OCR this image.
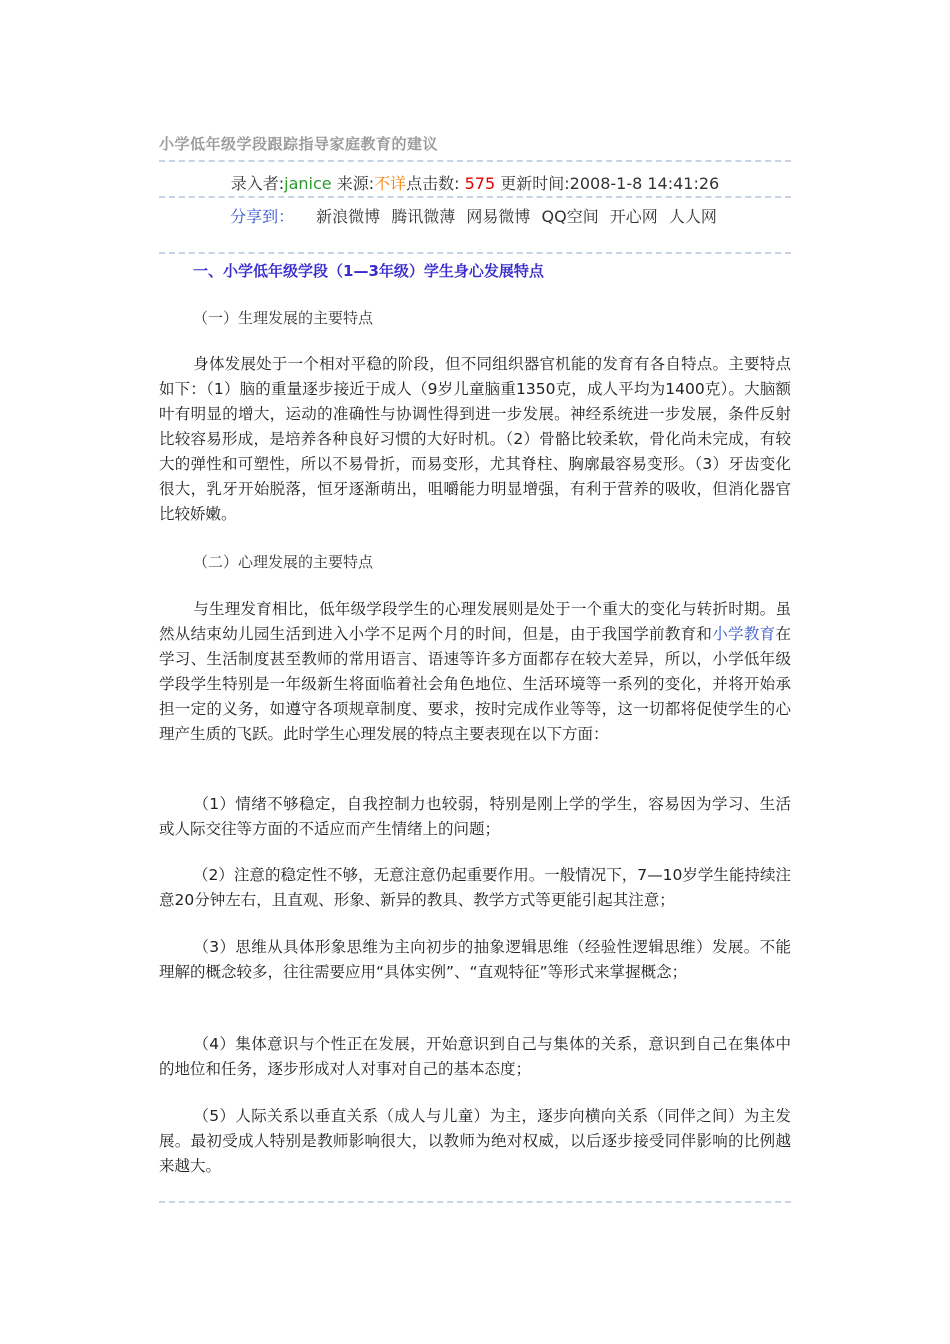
小学低年级学段跟踪指导家庭教育的建议
录入者:janice 来源:不详点击数: 575 更新时间:2008-1-8 14:41:26
分享到： 新浪微博 腾讯微薄 网易微博 QQ空间 开心网 人人网
一、小学低年级学段（1—3年级）学生身心发展特点
（一）生理发展的主要特点
身体发展处于一个相对平稳的阶段，但不同组织器官机能的发育有各自特点。主要特点如下：（1）脑的重量逐步接近于成人（9岁儿童脑重1350克，成人平均为1400克）。大脑额叶有明显的增大，运动的准确性与协调性得到进一步发展。神经系统进一步发展，条件反射比较容易形成，是培养各种良好习惯的大好时机。（2）骨骼比较柔软，骨化尚未完成，有较大的弹性和可塑性，所以不易骨折，而易变形，尤其脊柱、胸廓最容易变形。（3）牙齿变化很大，乳牙开始脱落，恒牙逐渐萌出，咀嚼能力明显增强，有利于营养的吸收，但消化器官比较娇嫩。
（二）心理发展的主要特点
与生理发育相比，低年级学段学生的心理发展则是处于一个重大的变化与转折时期。虽然从结束幼儿园生活到进入小学不足两个月的时间，但是，由于我国学前教育和小学教育在学习、生活制度甚至教师的常用语言、语速等许多方面都存在较大差异，所以，小学低年级学段学生特别是一年级新生将面临着社会角色地位、生活环境等一系列的变化，并将开始承担一定的义务，如遵守各项规章制度、要求，按时完成作业等等，这一切都将促使学生的心理产生质的飞跃。此时学生心理发展的特点主要表现在以下方面：
（1）情绪不够稳定，自我控制力也较弱，特别是刚上学的学生，容易因为学习、生活或人际交往等方面的不适应而产生情绪上的问题；
（2）注意的稳定性不够，无意注意仍起重要作用。一般情况下，7—10岁学生能持续注意20分钟左右，且直观、形象、新异的教具、教学方式等更能引起其注意；
（3）思维从具体形象思维为主向初步的抽象逻辑思维（经验性逻辑思维）发展。不能理解的概念较多，往往需要应用“具体实例”、“直观特征”等形式来掌握概念；
（4）集体意识与个性正在发展，开始意识到自己与集体的关系，意识到自己在集体中的地位和任务，逐步形成对人对事对自己的基本态度；
（5）人际关系以垂直关系（成人与儿童）为主，逐步向横向关系（同伴之间）为主发展。最初受成人特别是教师影响很大，以教师为绝对权威，以后逐步接受同伴影响的比例越来越大。
